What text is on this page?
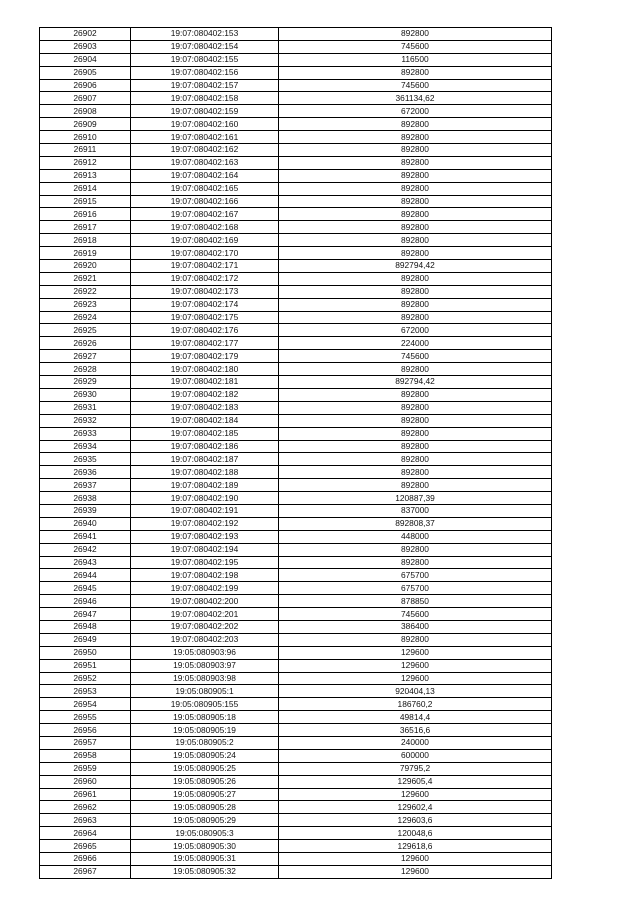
26902	19:07:080402:153	892800
26903	19:07:080402:154	745600
26904	19:07:080402:155	116500
26905	19:07:080402:156	892800
26906	19:07:080402:157	745600
26907	19:07:080402:158	361134,62
26908	19:07:080402:159	672000
26909	19:07:080402:160	892800
26910	19:07:080402:161	892800
26911	19:07:080402:162	892800
26912	19:07:080402:163	892800
26913	19:07:080402:164	892800
26914	19:07:080402:165	892800
26915	19:07:080402:166	892800
26916	19:07:080402:167	892800
26917	19:07:080402:168	892800
26918	19:07:080402:169	892800
26919	19:07:080402:170	892800
26920	19:07:080402:171	892794,42
26921	19:07:080402:172	892800
26922	19:07:080402:173	892800
26923	19:07:080402:174	892800
26924	19:07:080402:175	892800
26925	19:07:080402:176	672000
26926	19:07:080402:177	224000
26927	19:07:080402:179	745600
26928	19:07:080402:180	892800
26929	19:07:080402:181	892794,42
26930	19:07:080402:182	892800
26931	19:07:080402:183	892800
26932	19:07:080402:184	892800
26933	19:07:080402:185	892800
26934	19:07:080402:186	892800
26935	19:07:080402:187	892800
26936	19:07:080402:188	892800
26937	19:07:080402:189	892800
26938	19:07:080402:190	120887,39
26939	19:07:080402:191	837000
26940	19:07:080402:192	892808,37
26941	19:07:080402:193	448000
26942	19:07:080402:194	892800
26943	19:07:080402:195	892800
26944	19:07:080402:198	675700
26945	19:07:080402:199	675700
26946	19:07:080402:200	878850
26947	19:07:080402:201	745600
26948	19:07:080402:202	386400
26949	19:07:080402:203	892800
26950	19:05:080903:96	129600
26951	19:05:080903:97	129600
26952	19:05:080903:98	129600
26953	19:05:080905:1	920404,13
26954	19:05:080905:155	186760,2
26955	19:05:080905:18	49814,4
26956	19:05:080905:19	36516,6
26957	19:05:080905:2	240000
26958	19:05:080905:24	600000
26959	19:05:080905:25	79795,2
26960	19:05:080905:26	129605,4
26961	19:05:080905:27	129600
26962	19:05:080905:28	129602,4
26963	19:05:080905:29	129603,6
26964	19:05:080905:3	120048,6
26965	19:05:080905:30	129618,6
26966	19:05:080905:31	129600
26967	19:05:080905:32	129600
